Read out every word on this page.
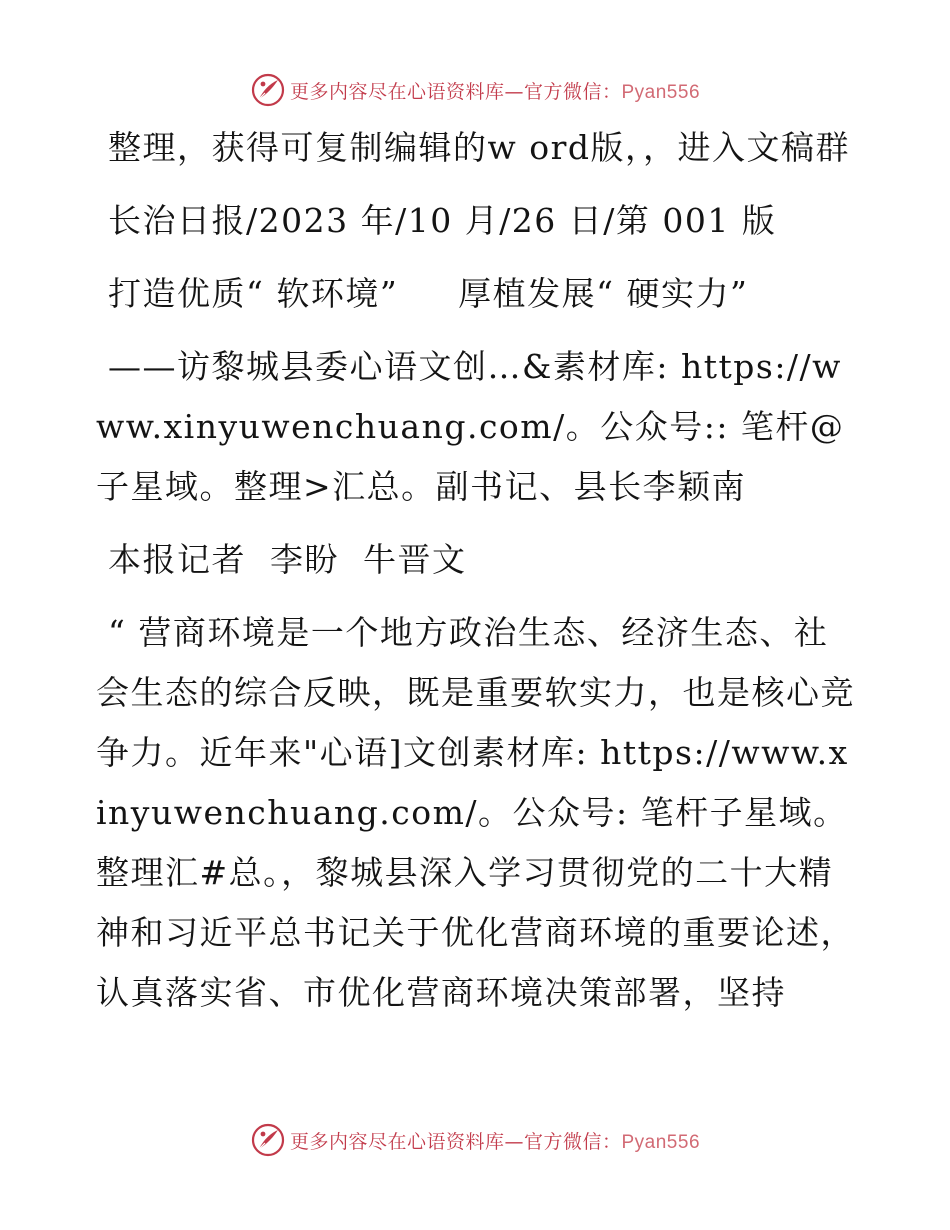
更多内容尽在心语资料库—官方微信：Pyan556

整理，获得可复制编辑的w ord版，，进入文稿群

长治日报/2023 年/10 月/26 日/第 001 版

打造优质“ 软环境”     厚植发展“ 硬实力”

——访黎城县委心语文创…&素材库: https://www.xinyuwenchuang.com/。公众号:: 笔杆@子星域。整理>汇总。副书记、县长李颖南

本报记者  李盼  牛晋文

“ 营商环境是一个地方政治生态、经济生态、社会生态的综合反映，既是重要软实力，也是核心竞争力。近年来"心语]文创素材库: https://www.xinyuwenchuang.com/。公众号: 笔杆子星域。整理汇#总。，黎城县深入学习贯彻党的二十大精神和习近平总书记关于优化营商环境的重要论述，认真落实省、市优化营商环境决策部署，坚持

更多内容尽在心语资料库—官方微信：Pyan556
